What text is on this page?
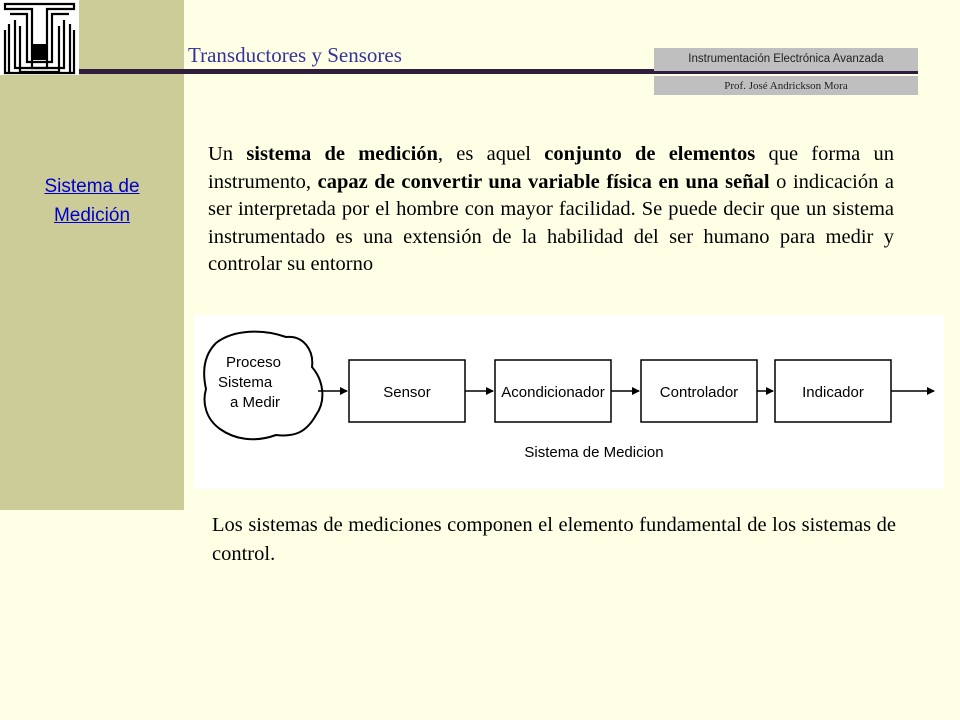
Sistema de
Medición
Transductores y Sensores	Instrumentación Electrónica Avanzada
Prof. José Andrickson Mora

Un sistema de medición, es aquel conjunto de elementos que forma un instrumento, capaz de convertir una variable física en una señal o indicación a ser interpretada por el hombre con mayor facilidad. Se puede decir que un sistema instrumentado es una extensión de la habilidad del ser humano para medir y controlar su entorno

Proceso
Sistema
a Medir
Sensor	Acondicionador	Controlador	Indicador
Sistema de Medicion

Los sistemas de mediciones componen el elemento fundamental de los sistemas de control.
